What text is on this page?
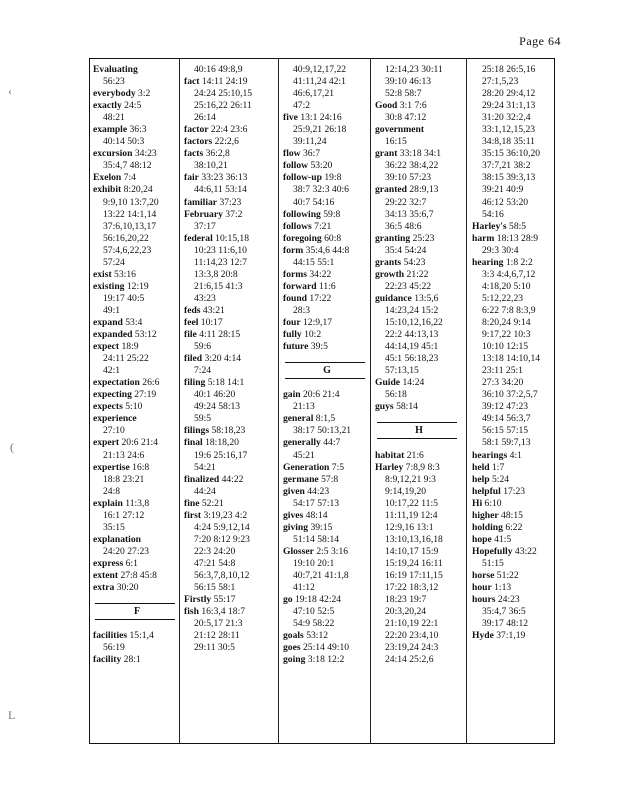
Page 64
‹
(
L
Evaluating
56:23
everybody 3:2
exactly 24:5
48:21
example 36:3
40:14 50:3
excursion 34:23
35:4,7 48:12
Exelon 7:4
exhibit 8:20,24
9:9,10 13:7,20
13:22 14:1,14
37:6,10,13,17
56:16,20,22
57:4,6,22,23
57:24
exist 53:16
existing 12:19
19:17 40:5
49:1
expand 53:4
expanded 53:12
expect 18:9
24:11 25:22
42:1
expectation 26:6
expecting 27:19
expects 5:10
experience
27:10
expert 20:6 21:4
21:13 24:6
expertise 16:8
18:8 23:21
24:8
explain 11:3,8
16:1 27:12
35:15
explanation
24:20 27:23
express 6:1
extent 27:8 45:8
extra 30:20
F
facilities 15:1,4
56:19
facility 28:1
40:16 49:8,9
fact 14:11 24:19
24:24 25:10,15
25:16,22 26:11
26:14
factor 22:4 23:6
factors 22:2,6
facts 36:2,8
38:10,21
fair 33:23 36:13
44:6,11 53:14
familiar 37:23
February 37:2
37:17
federal 10:15,18
10:23 11:6,10
11:14,23 12:7
13:3,8 20:8
21:6,15 41:3
43:23
feds 43:21
feel 10:17
file 4:11 28:15
59:6
filed 3:20 4:14
7:24
filing 5:18 14:1
40:1 46:20
49:24 58:13
59:5
filings 58:18,23
final 18:18,20
19:6 25:16,17
54:21
finalized 44:22
44:24
fine 52:21
first 3:19,23 4:2
4:24 5:9,12,14
7:20 8:12 9:23
22:3 24:20
47:21 54:8
56:3,7,8,10,12
56:15 58:1
Firstly 55:17
fish 16:3,4 18:7
20:5,17 21:3
21:12 28:11
29:11 30:5
40:9,12,17,22
41:11,24 42:1
46:6,17,21
47:2
five 13:1 24:16
25:9,21 26:18
39:11,24
flow 36:7
follow 53:20
follow-up 19:8
38:7 32:3 40:6
40:7 54:16
following 59:8
follows 7:21
foregoing 60:8
form 35:4,6 44:8
44:15 55:1
forms 34:22
forward 11:6
found 17:22
28:3
four 12:9,17
fully 10:2
future 39:5
G
gain 20:6 21:4
21:13
general 8:1,5
38:17 50:13,21
generally 44:7
45:21
Generation 7:5
germane 57:8
given 44:23
54:17 57:13
gives 48:14
giving 39:15
51:14 58:14
Glosser 2:5 3:16
19:10 20:1
40:7,21 41:1,8
41:12
go 19:18 42:24
47:10 52:5
54:9 58:22
goals 53:12
goes 25:14 49:10
going 3:18 12:2
12:14,23 30:11
39:10 46:13
52:8 58:7
Good 3:1 7:6
30:8 47:12
government
16:15
grant 33:18 34:1
36:22 38:4,22
39:10 57:23
granted 28:9,13
29:22 32:7
34:13 35:6,7
36:5 48:6
granting 25:23
35:4 54:24
grants 54:23
growth 21:22
22:23 45:22
guidance 13:5,6
14:23,24 15:2
15:10,12,16,22
22:2 44:13,13
44:14,19 45:1
45:1 56:18,23
57:13,15
Guide 14:24
56:18
guys 58:14
H
habitat 21:6
Harley 7:8,9 8:3
8:9,12,21 9:3
9:14,19,20
10:17,22 11:5
11:11,19 12:4
12:9,16 13:1
13:10,13,16,18
14:10,17 15:9
15:19,24 16:11
16:19 17:11,15
17:22 18:3,12
18:23 19:7
20:3,20,24
21:10,19 22:1
22:20 23:4,10
23:19,24 24:3
24:14 25:2,6
25:18 26:5,16
27:1,5,23
28:20 29:4,12
29:24 31:1,13
31:20 32:2,4
33:1,12,15,23
34:8,18 35:11
35:15 36:10,20
37:7,21 38:2
38:15 39:3,13
39:21 40:9
46:12 53:20
54:16
Harley's 58:5
harm 18:13 28:9
29:3 30:4
hearing 1:8 2:2
3:3 4:4,6,7,12
4:18,20 5:10
5:12,22,23
6:22 7:8 8:3,9
8:20,24 9:14
9:17,22 10:3
10:10 12:15
13:18 14:10,14
23:11 25:1
27:3 34:20
36:10 37:2,5,7
39:12 47:23
49:14 56:3,7
56:15 57:15
58:1 59:7,13
hearings 4:1
held 1:7
help 5:24
helpful 17:23
Hi 6:10
higher 48:15
holding 6:22
hope 41:5
Hopefully 43:22
51:15
horse 51:22
hour 1:13
hours 24:23
35:4,7 36:5
39:17 48:12
Hyde 37:1,19
